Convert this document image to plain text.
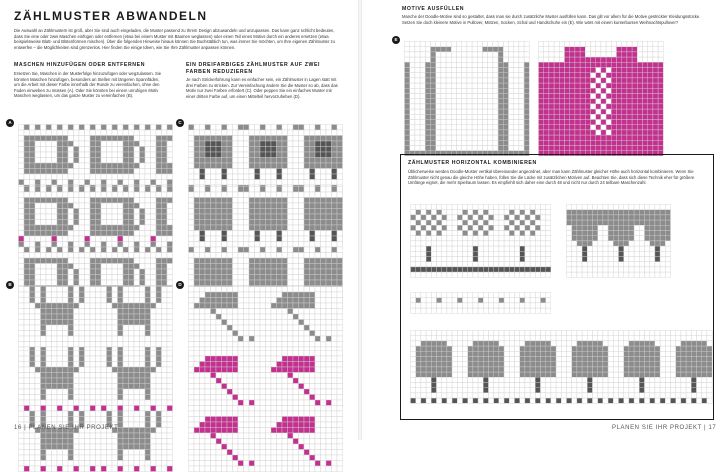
ZÄHLMUSTER ABWANDELN

Die Auswahl an Zählmustern ist groß, aber Sie sind auch eingeladen, die Muster passend zu Ihrem Design abzuwandeln und anzupassen. Das kann ganz schlicht bedeuten, dass Sie eine oder zwei Maschen einfügen oder entfernen (etwa bei einem Muster mit Bäumen weglassen) oder einen Teil eines Motivs durch ein anderes ersetzen (etwa beispielsweise Blatt- und Blütenformen mischen). Über die folgenden Hinweise hinaus können Sie Buchstäblich tun, was immer Sie möchten, um Ihre eigenen Zählmuster zu entwerfen – die Möglichkeiten sind grenzenlos. Hier finden Sie einige Ideen, wie Sie Ihre Zählmuster anpassen können.

MASCHEN HINZUFÜGEN ODER ENTFERNEN

Ersetzen Sie, Maschen in der Musterfolge hinzuzufügen oder wegzulassen. Sie könnten Maschen hinzufügen, besonders an Stellen mit längeren Spannfäden, um die Arbeit mit dieser Farbe innerhalb der Runde zu vereinfachen, ohne den Faden einweben zu müssen (A). Oder Sie könnten bei einem unruhigen Motiv Maschen weglassen, um das ganze Muster zu vereinfachen (B).

EIN DREIFARBIGES ZÄHLMUSTER AUF ZWEI FARBEN REDUZIEREN

Je nach Strickerfahrung kann es einfacher sein, ein Zählmuster in Lagen statt mit drei Farben zu stricken. Zur Vereinfachung ändern Sie die Muster so ab, dass das Motiv nur zwei Farben erfordert (C). Oder peppen Sie ein einfaches Muster mit einer dritten Farbe auf, um einen Mittelteil hervorzuheben (D).

A	C
B	D
16 | PLANEN SIE IHR PROJEKT
MOTIVE AUSFÜLLEN

Manche der Doodle-Motive sind so gestaltet, dass man sie durch zusätzliche Muster ausfüllen kann. Das gilt vor allem für die Motive gestrickter Kleidungsstücke. Setzen Sie doch kleinere Motive in Pullover, Mützen, Socken, Schal und Handschuhe ein (E). Wie wärs mit einem kunterbunten Weihnachtspullover?

E
ZÄHLMUSTER HORIZONTAL KOMBINIEREN

Üblicherweise werden Doodle-Muster vertikal übereinander angeordnet, aber man kann Zählmuster gleicher Höhe auch horizontal kombinieren. Wenn Sie Zählmuster nicht genau die gleiche Höhe haben, füllen Sie die Lücke mit zusätzlichen Motiven auf. Beachten Sie, dass sich diese Technik eher für größere Umfänge eignet, die mehr Spielraum lassen. Es empfiehlt sich daher eine durch 48 und nicht nur durch 24 teilbare Maschenzahl.

PLANEN SIE IHR PROJEKT | 17
